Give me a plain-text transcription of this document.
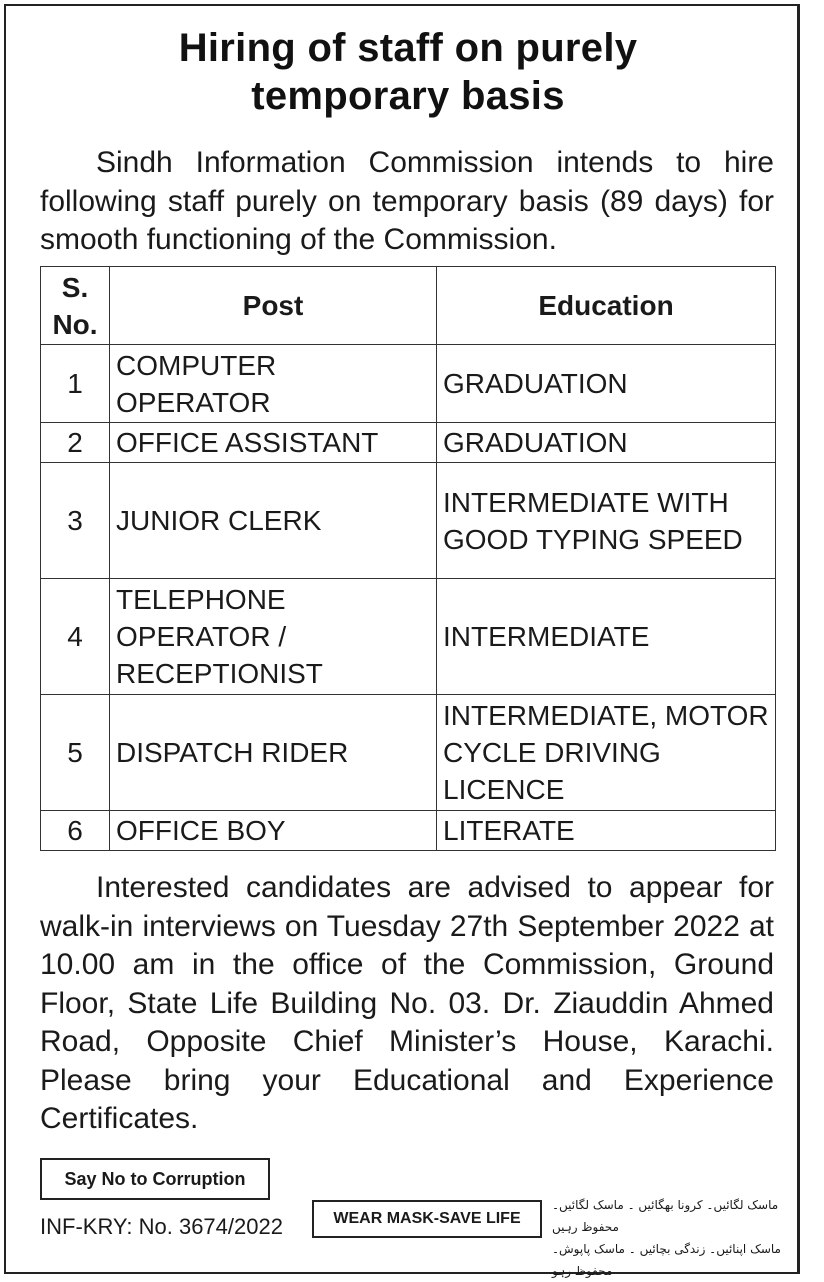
Hiring of staff on purely
temporary basis
Sindh Information Commission intends to hire following staff purely on temporary basis (89 days) for smooth functioning of the Commission.
S. No.	Post	Education
1	COMPUTER OPERATOR	GRADUATION
2	OFFICE ASSISTANT	GRADUATION
3	JUNIOR CLERK	INTERMEDIATE WITH GOOD TYPING SPEED
4	TELEPHONE OPERATOR / RECEPTIONIST	INTERMEDIATE
5	DISPATCH RIDER	INTERMEDIATE, MOTOR CYCLE DRIVING LICENCE
6	OFFICE BOY	LITERATE
Interested candidates are advised to appear for walk-in interviews on Tuesday 27th September 2022 at 10.00 am in the office of the Commission, Ground Floor, State Life Building No. 03. Dr. Ziauddin Ahmed Road, Opposite Chief Minister’s House, Karachi. Please bring your Educational and Experience Certificates.
Say No to Corruption
INF-KRY: No. 3674/2022	WEAR MASK-SAVE LIFE
ماسک لگائیں۔ کرونا بھگائیں ۔ ماسک لگائیں۔ محفوظ رہیں
ماسک اپنائیں۔ زندگی بچائیں ۔ ماسک پاپوش۔ محفوظ رہو
